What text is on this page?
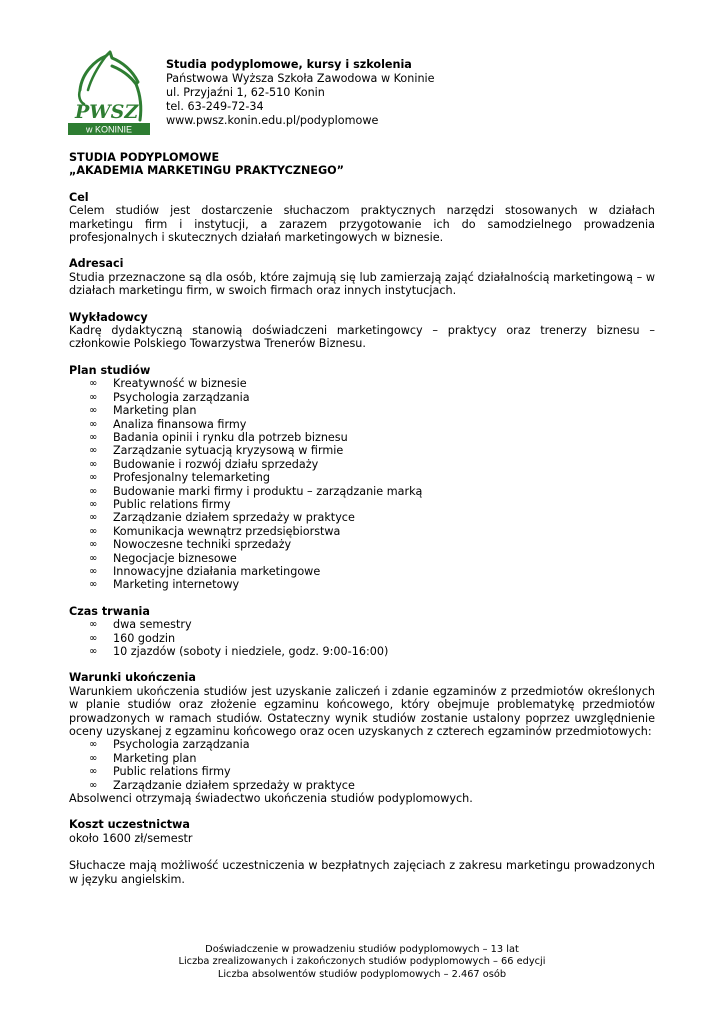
PWSZ
w KONINIE
Studia podyplomowe, kursy i szkolenia
Państwowa Wyższa Szkoła Zawodowa w Koninie
ul. Przyjaźni 1, 62-510 Konin
tel. 63-249-72-34
www.pwsz.konin.edu.pl/podyplomowe
STUDIA PODYPLOMOWE
„AKADEMIA MARKETINGU PRAKTYCZNEGO”
Cel
Celem studiów jest dostarczenie słuchaczom praktycznych narzędzi stosowanych w działach marketingu firm i instytucji, a zarazem przygotowanie ich do samodzielnego prowadzenia profesjonalnych i skutecznych działań marketingowych w biznesie.
Adresaci
Studia przeznaczone są dla osób, które zajmują się lub zamierzają zająć działalnością marketingową – w działach marketingu firm, w swoich firmach oraz innych instytucjach.
Wykładowcy
Kadrę dydaktyczną stanowią doświadczeni marketingowcy – praktycy oraz trenerzy biznesu – członkowie Polskiego Towarzystwa Trenerów Biznesu.
Plan studiów
∞ Kreatywność w biznesie
∞ Psychologia zarządzania
∞ Marketing plan
∞ Analiza finansowa firmy
∞ Badania opinii i rynku dla potrzeb biznesu
∞ Zarządzanie sytuacją kryzysową w firmie
∞ Budowanie i rozwój działu sprzedaży
∞ Profesjonalny telemarketing
∞ Budowanie marki firmy i produktu – zarządzanie marką
∞ Public relations firmy
∞ Zarządzanie działem sprzedaży w praktyce
∞ Komunikacja wewnątrz przedsiębiorstwa
∞ Nowoczesne techniki sprzedaży
∞ Negocjacje biznesowe
∞ Innowacyjne działania marketingowe
∞ Marketing internetowy
Czas trwania
∞ dwa semestry
∞ 160 godzin
∞ 10 zjazdów (soboty i niedziele, godz. 9:00-16:00)
Warunki ukończenia
Warunkiem ukończenia studiów jest uzyskanie zaliczeń i zdanie egzaminów z przedmiotów określonych w planie studiów oraz złożenie egzaminu końcowego, który obejmuje problematykę przedmiotów prowadzonych w ramach studiów. Ostateczny wynik studiów zostanie ustalony poprzez uwzględnienie oceny uzyskanej z egzaminu końcowego oraz ocen uzyskanych z czterech egzaminów przedmiotowych:
∞ Psychologia zarządzania
∞ Marketing plan
∞ Public relations firmy
∞ Zarządzanie działem sprzedaży w praktyce
Absolwenci otrzymają świadectwo ukończenia studiów podyplomowych.
Koszt uczestnictwa
około 1600 zł/semestr
Słuchacze mają możliwość uczestniczenia w bezpłatnych zajęciach z zakresu marketingu prowadzonych w języku angielskim.
Doświadczenie w prowadzeniu studiów podyplomowych – 13 lat
Liczba zrealizowanych i zakończonych studiów podyplomowych – 66 edycji
Liczba absolwentów studiów podyplomowych – 2.467 osób
